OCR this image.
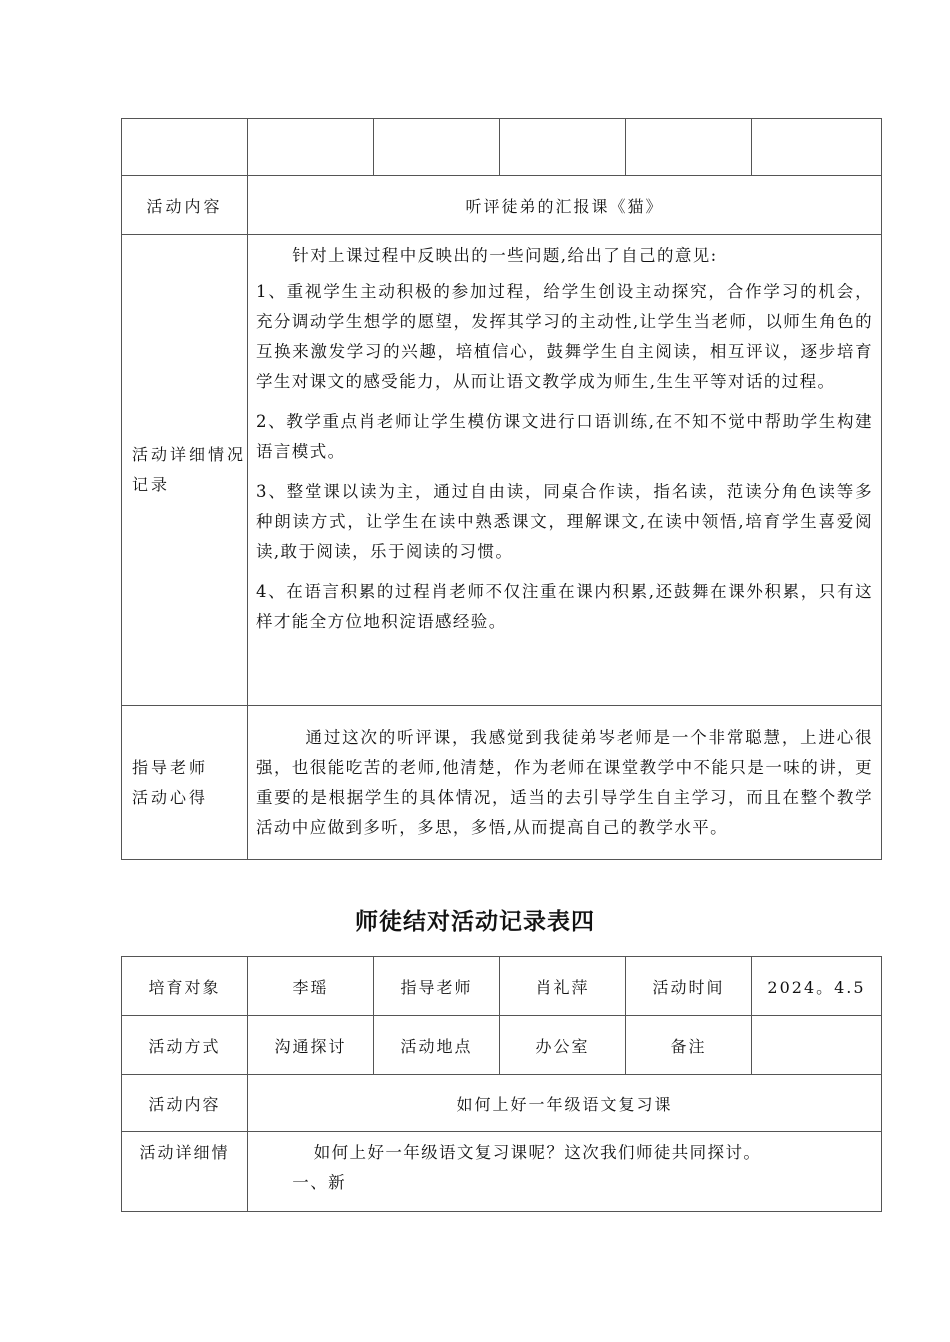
活动内容	听评徒弟的汇报课《猫》				
活动详细情况记录	针对上课过程中反映出的一些问题,给出了自己的意见:

1、重视学生主动积极的参加过程，给学生创设主动探究，合作学习的机会，充分调动学生想学的愿望，发挥其学习的主动性,让学生当老师，以师生角色的互换来激发学习的兴趣，培植信心，鼓舞学生自主阅读，相互评议，逐步培育学生对课文的感受能力，从而让语文教学成为师生,生生平等对话的过程。

2、教学重点肖老师让学生模仿课文进行口语训练,在不知不觉中帮助学生构建语言模式。

3、整堂课以读为主，通过自由读，同桌合作读，指名读，范读分角色读等多种朗读方式，让学生在读中熟悉课文，理解课文,在读中领悟,培育学生喜爱阅读,敢于阅读，乐于阅读的习惯。

4、在语言积累的过程肖老师不仅注重在课内积累,还鼓舞在课外积累，只有这样才能全方位地积淀语感经验。				

指导老师
活动心得	通过这次的听评课，我感觉到我徒弟岑老师是一个非常聪慧，上进心很强，也很能吃苦的老师,他清楚，作为老师在课堂教学中不能只是一味的讲，更重要的是根据学生的具体情况，适当的去引导学生自主学习，而且在整个教学活动中应做到多听，多思，多悟,从而提高自己的教学水平。				
师徒结对活动记录表四
培育对象	李瑶	指导老师	肖礼萍	活动时间	2024。4.5
活动方式	沟通探讨	活动地点	办公室	备注	
活动内容	如何上好一年级语文复习课				
活动详细情	如何上好一年级语文复习课呢？这次我们师徒共同探讨。
一、新				
